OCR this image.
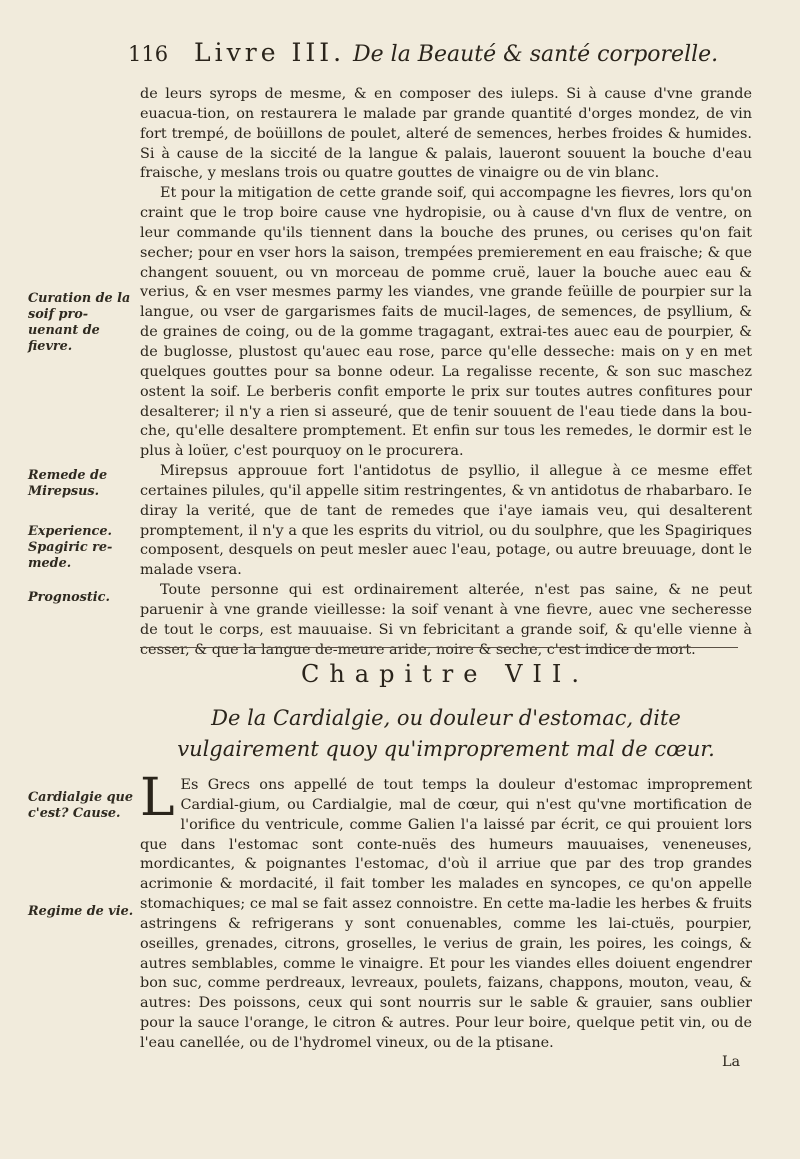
116 Livre III. De la Beauté & santé corporelle.

de leurs syrops de mesme, & en composer des iuleps. Si à cause d'vne grande euacua-tion, on restaurera le malade par grande quantité d'orges mondez, de vin fort trempé, de boüillons de poulet, alteré de semences, herbes froides & humides. Si à cause de la siccité de la langue & palais, laueront souuent la bouche d'eau fraische, y meslans trois ou quatre gouttes de vinaigre ou de vin blanc.

Et pour la mitigation de cette grande soif, qui accompagne les fievres, lors qu'on craint que le trop boire cause vne hydropisie, ou à cause d'vn flux de ventre, on leur commande qu'ils tiennent dans la bouche des prunes, ou cerises qu'on fait secher; pour en vser hors la saison, trempées premierement en eau fraische; & que changent souuent, ou vn morceau de pomme cruë, lauer la bouche auec eau & verius, & en vser mesmes parmy les viandes, vne grande feüille de pourpier sur la langue, ou vser de gargarismes faits de mucil-lages, de semences, de psyllium, & de graines de coing, ou de la gomme tragagant, extrai-tes auec eau de pourpier, & de buglosse, plustost qu'auec eau rose, parce qu'elle desseche: mais on y en met quelques gouttes pour sa bonne odeur. La regalisse recente, & son suc maschez ostent la soif. Le berberis confit emporte le prix sur toutes autres confitures pour desalterer; il n'y a rien si asseuré, que de tenir souuent de l'eau tiede dans la bou-che, qu'elle desaltere promptement. Et enfin sur tous les remedes, le dormir est le plus à loüer, c'est pourquoy on le procurera.

Mirepsus approuue fort l'antidotus de psyllio, il allegue à ce mesme effet certaines pilules, qu'il appelle sitim restringentes, & vn antidotus de rhabarbaro. Ie diray la verité, que de tant de remedes que i'aye iamais veu, qui desalterent promptement, il n'y a que les esprits du vitriol, ou du soulphre, que les Spagiriques composent, desquels on peut mesler auec l'eau, potage, ou autre breuuage, dont le malade vsera.

Toute personne qui est ordinairement alterée, n'est pas saine, & ne peut paruenir à vne grande vieillesse: la soif venant à vne fievre, auec vne secheresse de tout le corps, est mauuaise. Si vn febricitant a grande soif, & qu'elle vienne à cesser, & que la langue de-meure aride, noire & seche, c'est indice de mort.

Curation de la soif pro-uenant de fievre.
Remede de Mirepsus.
Experience. Spagiric re-mede.
Prognostic.
Chapitre VII.
De la Cardialgie, ou douleur d'estomac, dite vulgairement quoy qu'improprement mal de cœur.

L Es Grecs ons appellé de tout temps la douleur d'estomac improprement Cardial-gium, ou Cardialgie, mal de cœur, qui n'est qu'vne mortification de l'orifice du ventricule, comme Galien l'a laissé par écrit, ce qui prouient lors que dans l'estomac sont conte-nuës des humeurs mauuaises, veneneuses, mordicantes, & poignantes l'estomac, d'où il arriue que par des trop grandes acrimonie & mordacité, il fait tomber les malades en syncopes, ce qu'on appelle stomachiques; ce mal se fait assez connoistre. En cette ma-ladie les herbes & fruits astringens & refrigerans y sont conuenables, comme les lai-ctuës, pourpier, oseilles, grenades, citrons, groselles, le verius de grain, les poires, les coings, & autres semblables, comme le vinaigre. Et pour les viandes elles doiuent engendrer bon suc, comme perdreaux, levreaux, poulets, faizans, chappons, mouton, veau, & autres: Des poissons, ceux qui sont nourris sur le sable & grauier, sans oublier pour la sauce l'orange, le citron & autres. Pour leur boire, quelque petit vin, ou de l'eau canellée, ou de l'hydromel vineux, ou de la ptisane.

Cardialgie que c'est? Cause.
Regime de vie.
La
